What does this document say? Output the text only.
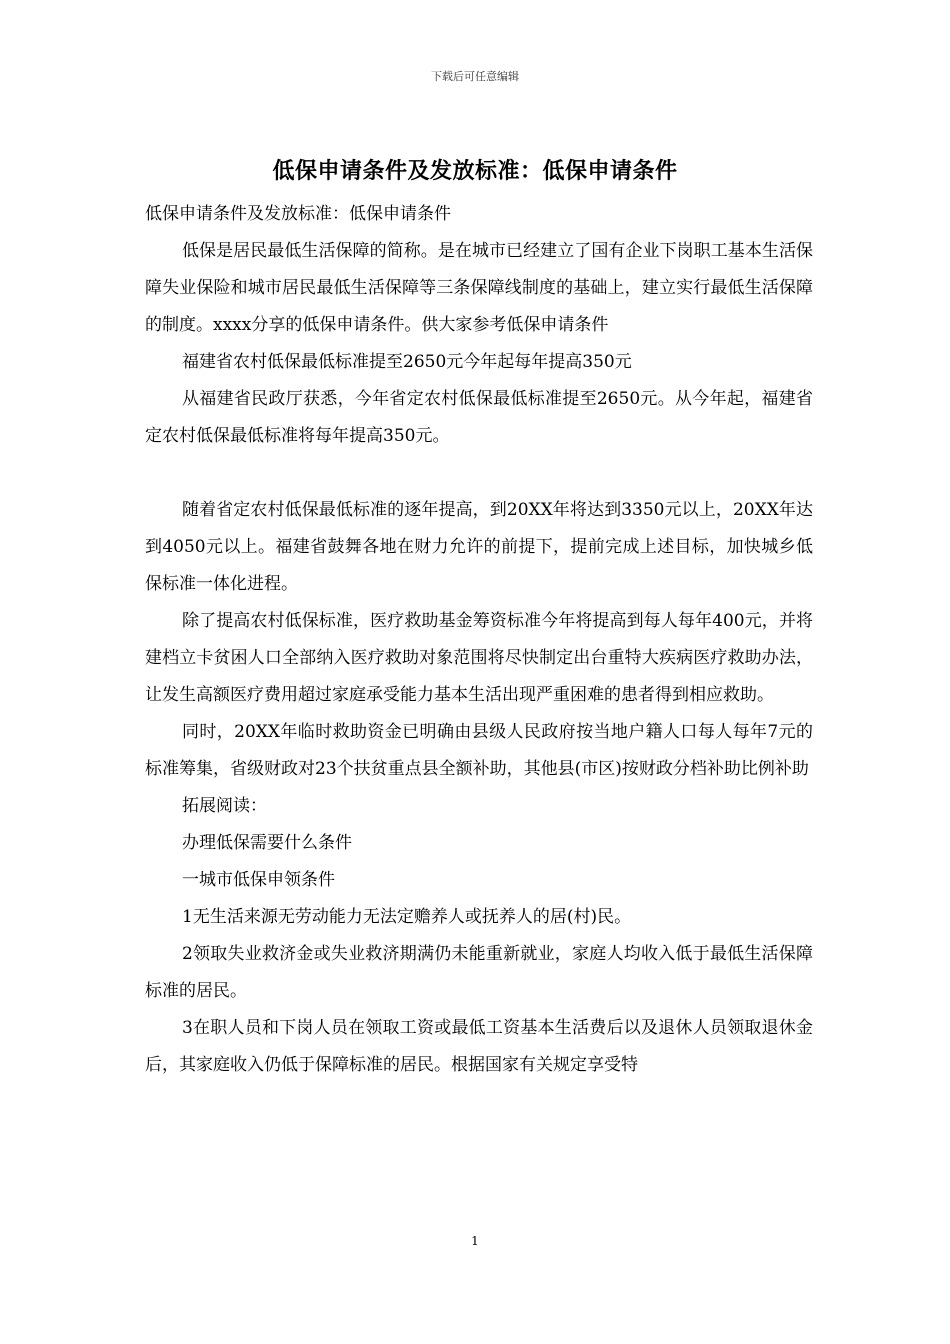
下载后可任意编辑
低保申请条件及发放标准：低保申请条件

低保申请条件及发放标准：低保申请条件

低保是居民最低生活保障的简称。是在城市已经建立了国有企业下岗职工基本生活保障失业保险和城市居民最低生活保障等三条保障线制度的基础上，建立实行最低生活保障的制度。xxxx分享的低保申请条件。供大家参考低保申请条件

福建省农村低保最低标准提至2650元今年起每年提高350元

从福建省民政厅获悉，今年省定农村低保最低标准提至2650元。从今年起，福建省定农村低保最低标准将每年提高350元。

随着省定农村低保最低标准的逐年提高，到20XX年将达到3350元以上，20XX年达到4050元以上。福建省鼓舞各地在财力允许的前提下，提前完成上述目标，加快城乡低保标准一体化进程。

除了提高农村低保标准，医疗救助基金筹资标准今年将提高到每人每年400元，并将建档立卡贫困人口全部纳入医疗救助对象范围将尽快制定出台重特大疾病医疗救助办法，让发生高额医疗费用超过家庭承受能力基本生活出现严重困难的患者得到相应救助。

同时，20XX年临时救助资金已明确由县级人民政府按当地户籍人口每人每年7元的标准筹集，省级财政对23个扶贫重点县全额补助，其他县(市区)按财政分档补助比例补助

拓展阅读：

办理低保需要什么条件

一城市低保申领条件

1无生活来源无劳动能力无法定赡养人或抚养人的居(村)民。

2领取失业救济金或失业救济期满仍未能重新就业，家庭人均收入低于最低生活保障标准的居民。

3在职人员和下岗人员在领取工资或最低工资基本生活费后以及退休人员领取退休金后，其家庭收入仍低于保障标准的居民。根据国家有关规定享受特

1
